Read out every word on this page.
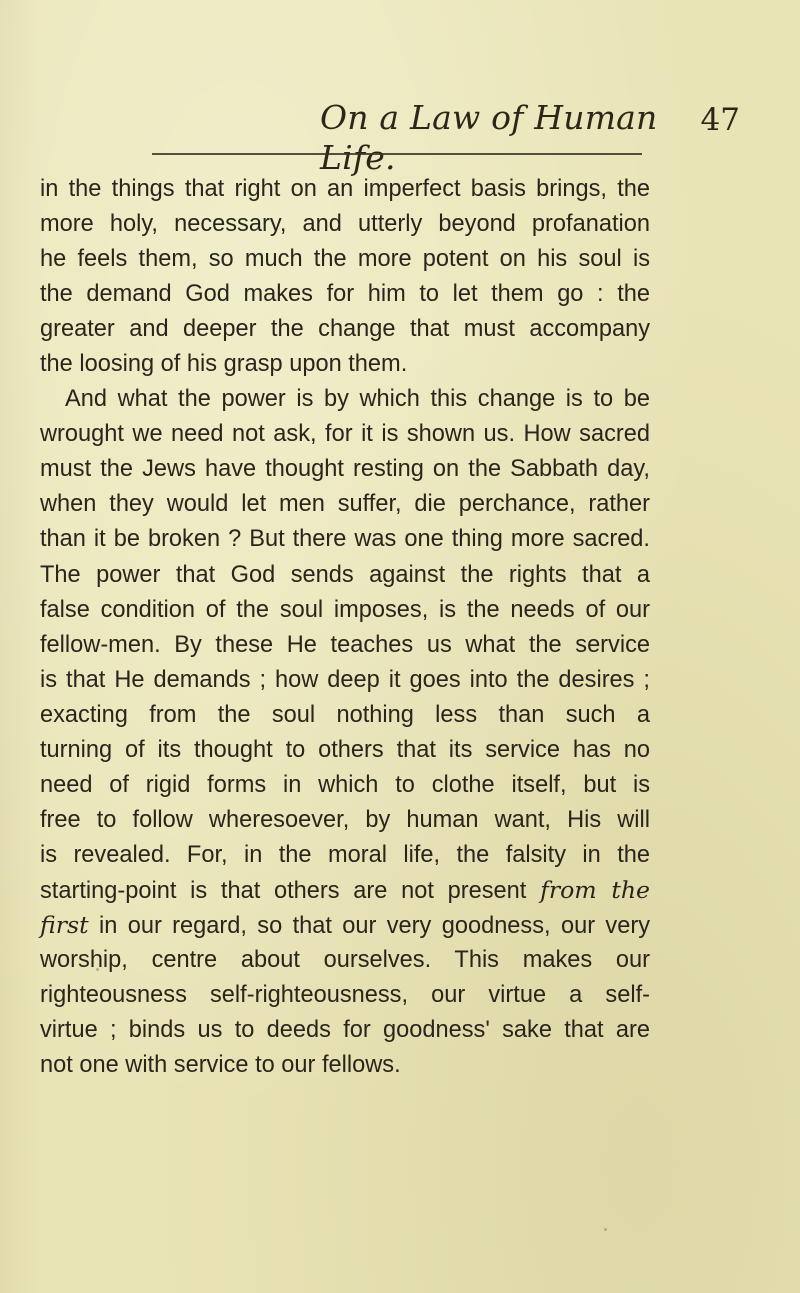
On a Law of Human Life.
47
in the things that right on an imperfect basis brings, the
more holy, necessary, and utterly beyond profanation
he feels them, so much the more potent on his soul is
the demand God makes for him to let them go : the
greater and deeper the change that must accompany
the loosing of his grasp upon them.
And what the power is by which this change is to be
wrought we need not ask, for it is shown us. How sacred
must the Jews have thought resting on the Sabbath day,
when they would let men suffer, die perchance, rather
than it be broken ? But there was one thing more sacred.
The power that God sends against the rights that a
false condition of the soul imposes, is the needs of our
fellow-men. By these He teaches us what the service
is that He demands ; how deep it goes into the desires ;
exacting from the soul nothing less than such a
turning of its thought to others that its service has no
need of rigid forms in which to clothe itself, but is
free to follow wheresoever, by human want, His will
is revealed. For, in the moral life, the falsity in the
starting-point is that others are not present from the
first in our regard, so that our very goodness, our very
worship, centre about ourselves. This makes our
righteousness self-righteousness, our virtue a self-
virtue ; binds us to deeds for goodness' sake that are
not one with service to our fellows.
